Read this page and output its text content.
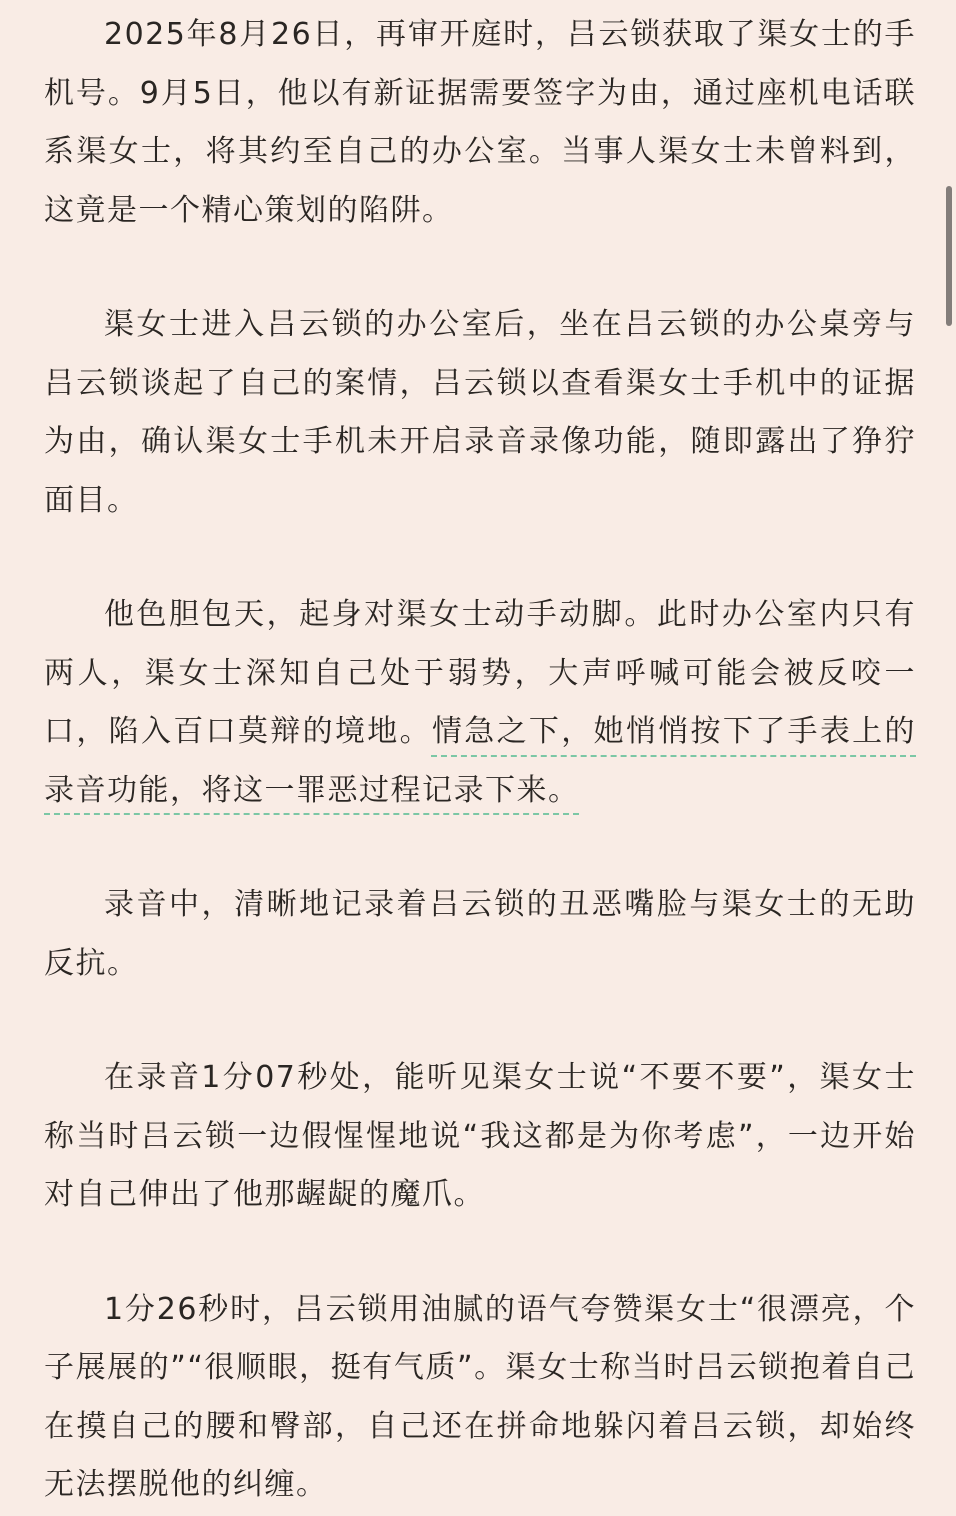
2025年8月26日，再审开庭时，吕云锁获取了渠女士的手机号。9月5日，他以有新证据需要签字为由，通过座机电话联系渠女士，将其约至自己的办公室。当事人渠女士未曾料到，这竟是一个精心策划的陷阱。

渠女士进入吕云锁的办公室后，坐在吕云锁的办公桌旁与吕云锁谈起了自己的案情，吕云锁以查看渠女士手机中的证据为由，确认渠女士手机未开启录音录像功能，随即露出了狰狞面目。

他色胆包天，起身对渠女士动手动脚。此时办公室内只有两人，渠女士深知自己处于弱势，大声呼喊可能会被反咬一口，陷入百口莫辩的境地。情急之下，她悄悄按下了手表上的录音功能，将这一罪恶过程记录下来。

录音中，清晰地记录着吕云锁的丑恶嘴脸与渠女士的无助反抗。

在录音1分07秒处，能听见渠女士说“不要不要”，渠女士称当时吕云锁一边假惺惺地说“我这都是为你考虑”，一边开始对自己伸出了他那龌龊的魔爪。

1分26秒时，吕云锁用油腻的语气夸赞渠女士“很漂亮，个子展展的”“很顺眼，挺有气质”。渠女士称当时吕云锁抱着自己在摸自己的腰和臀部，自己还在拼命地躲闪着吕云锁，却始终无法摆脱他的纠缠。
